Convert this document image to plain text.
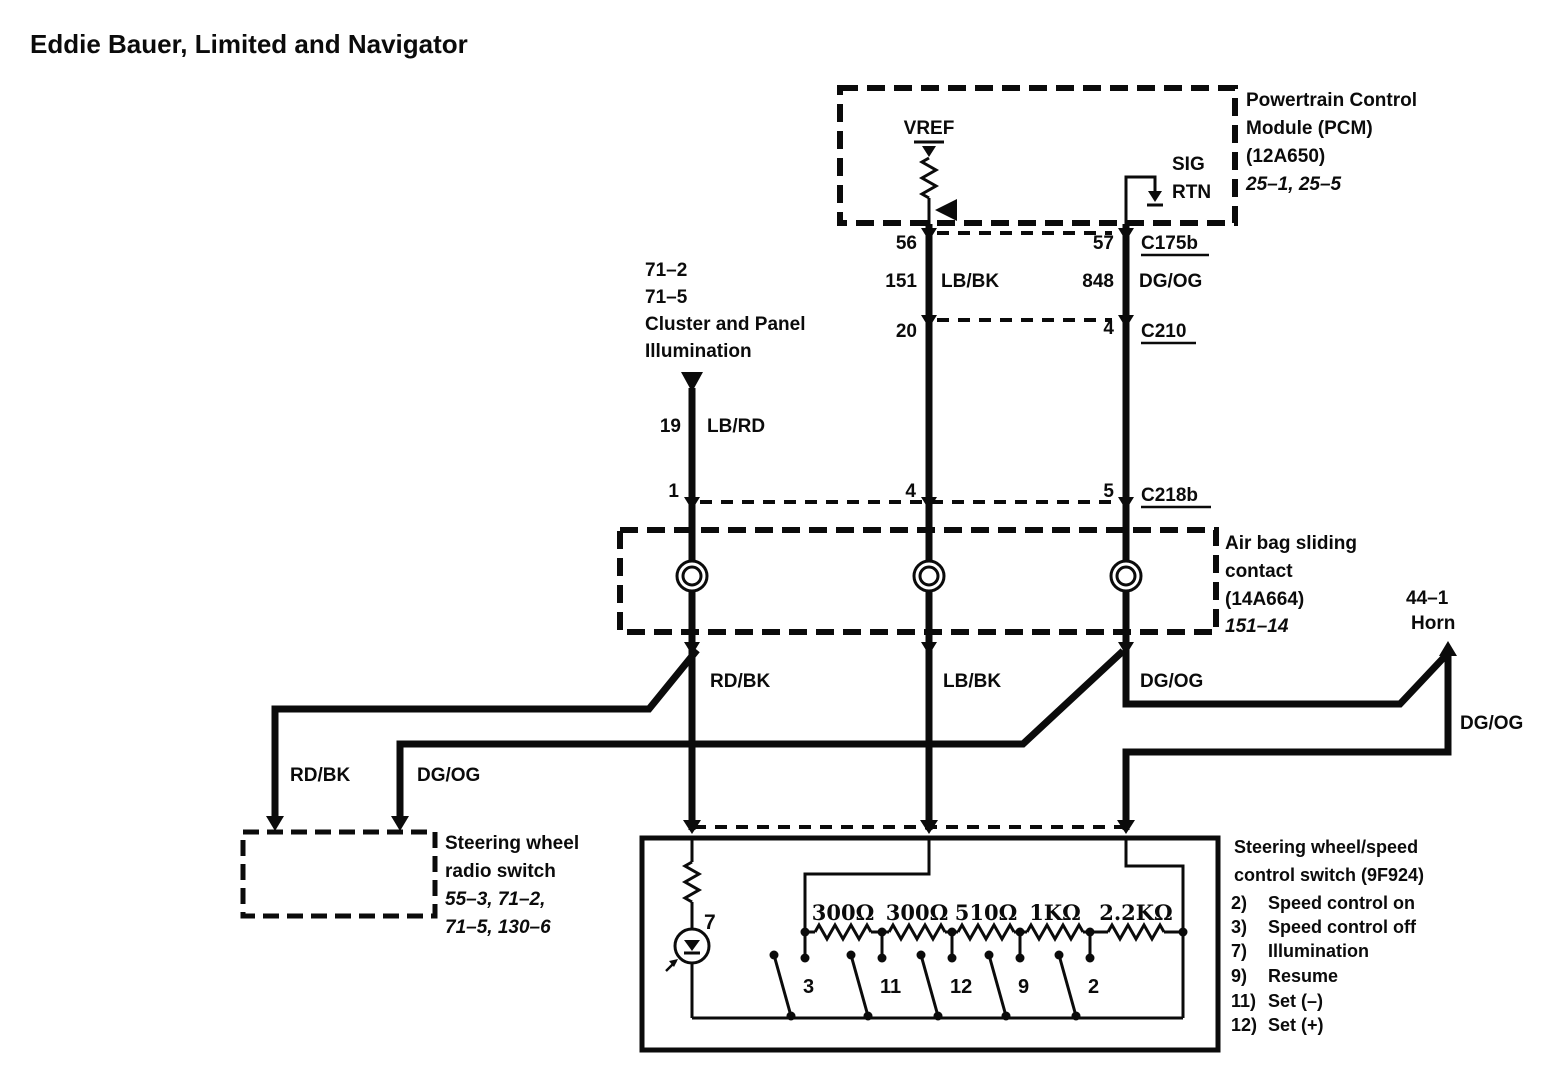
Eddie Bauer, Limited and Navigator
VREF
SIG
RTN
Powertrain Control
Module (PCM)
(12A650)
25–1, 25–5
56	57 C175b
151 LB/BK	848 DG/OG
20	4 C210
1	4	5 C218b
71–2
71–5
Cluster and Panel
Illumination
19 LB/RD
Air bag sliding
contact
(14A664)
151–14
44–1
Horn
DG/OG
RD/BK	LB/BK	DG/OG
RD/BK	DG/OG
Steering wheel
radio switch
55–3, 71–2,
71–5, 130–6	7	300Ω 300Ω 510Ω 1KΩ 2.2KΩ
3	11 12 9	2
Steering wheel/speed
control switch (9F924)
2) Speed control on
3) Speed control off
7) Illumination
9) Resume
11) Set (–)
12) Set (+)
